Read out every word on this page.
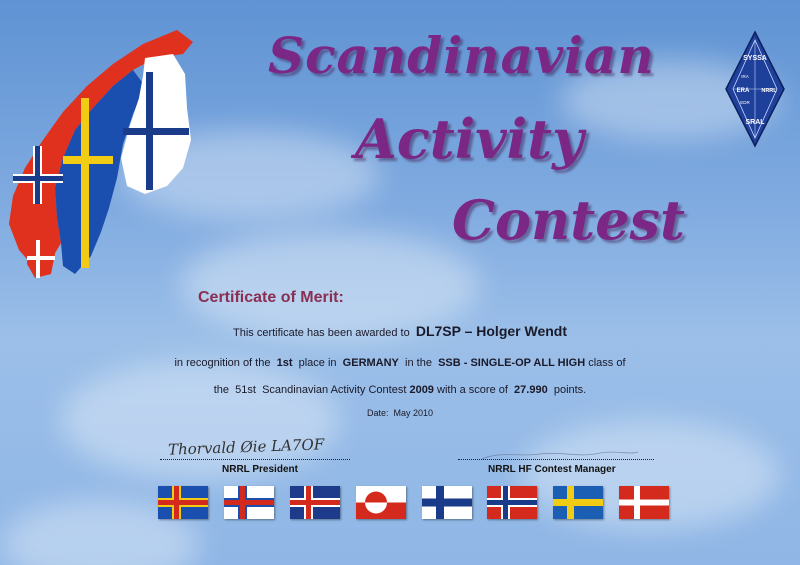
Scandinavian
Activity
Contest
SYSSA
ERA NRRL
SRAL
IRA
EDR
Certificate of Merit:
This certificate has been awarded to DL7SP – Holger Wendt
in recognition of the 1st place in GERMANY in the SSB - SINGLE-OP ALL HIGH class of
the 51st Scandinavian Activity Contest 2009 with a score of 27.990 points.
Date: May 2010
Thorvald Øie LA7OF
NRRL President	NRRL HF Contest Manager
